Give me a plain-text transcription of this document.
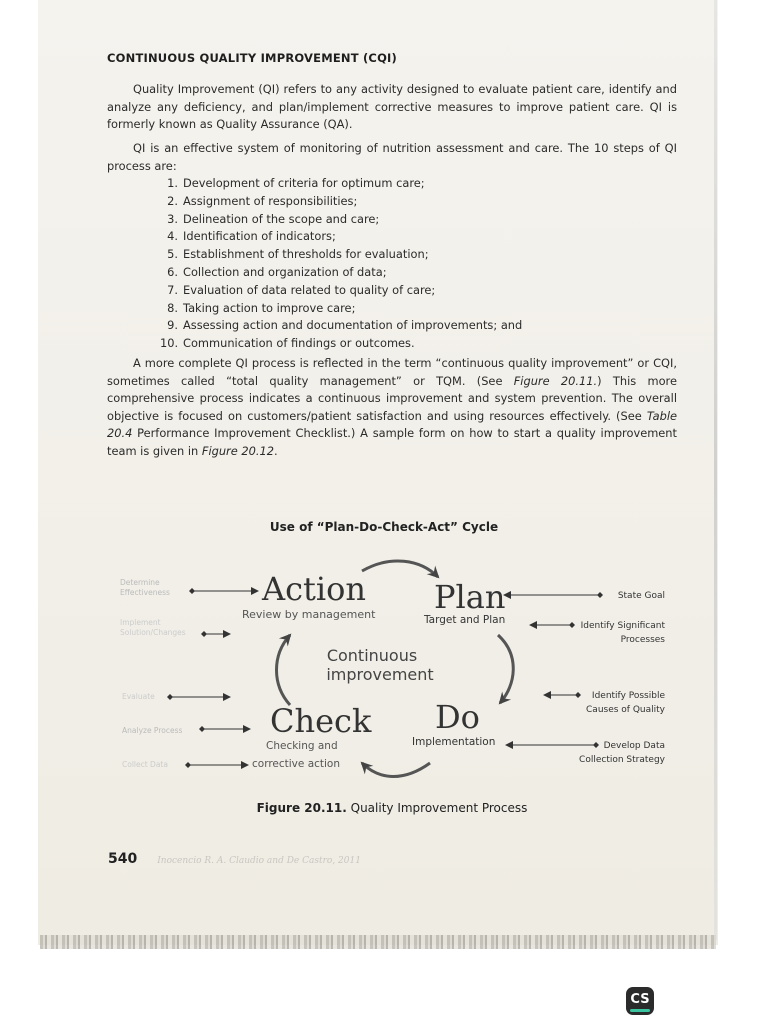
CONTINUOUS QUALITY IMPROVEMENT (CQI)

Quality Improvement (QI) refers to any activity designed to evaluate patient care, identify and analyze any deficiency, and plan/implement corrective measures to improve patient care. QI is formerly known as Quality Assurance (QA).

QI is an effective system of monitoring of nutrition assessment and care. The 10 steps of QI process are:

1. Development of criteria for optimum care;
2. Assignment of responsibilities;
3. Delineation of the scope and care;
4. Identification of indicators;
5. Establishment of thresholds for evaluation;
6. Collection and organization of data;
7. Evaluation of data related to quality of care;
8. Taking action to improve care;
9. Assessing action and documentation of improvements; and
10. Communication of findings or outcomes.

A more complete QI process is reflected in the term “continuous quality improvement” or CQI, sometimes called “total quality management” or TQM. (See Figure 20.11.) This more comprehensive process indicates a continuous improvement and system prevention. The overall objective is focused on customers/patient satisfaction and using resources effectively. (See Table 20.4 Performance Improvement Checklist.) A sample form on how to start a quality improvement team is given in Figure 20.12.

Use of “Plan-Do-Check-Act” Cycle
Continuous
improvement
Action
Review by management Plan
Target and Plan
Check
Checking and
corrective action
Do
Implementation
Determine
Effectiveness
Implement
Solution/Changes
Evaluate
Analyze Process
Collect Data
State Goal
Identify Significant
Processes
Identify Possible
Causes of Quality
Develop Data
Collection Strategy
Figure 20.11. Quality Improvement Process
540 Inocencio R. A. Claudio and De Castro, 2011
CS
